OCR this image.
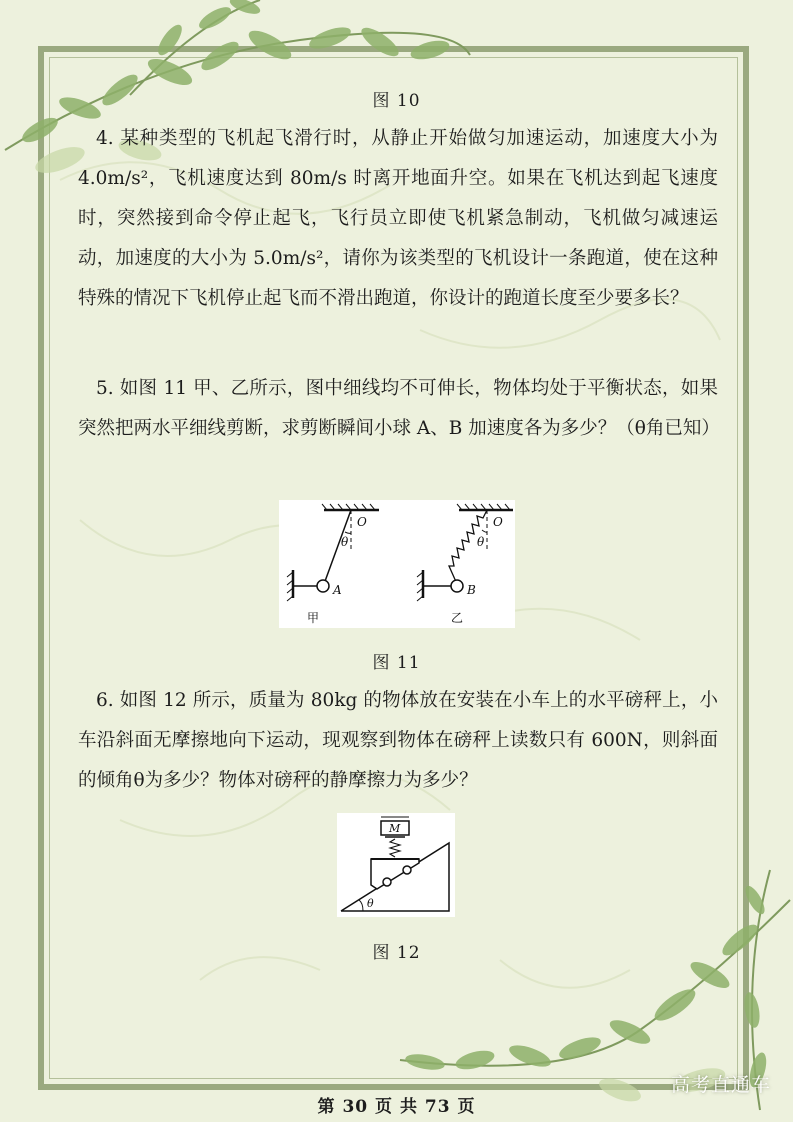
图 10

4. 某种类型的飞机起飞滑行时，从静止开始做匀加速运动，加速度大小为 4.0m/s²，飞机速度达到 80m/s 时离开地面升空。如果在飞机达到起飞速度时，突然接到命令停止起飞，飞行员立即使飞机紧急制动，飞机做匀减速运动，加速度的大小为 5.0m/s²，请你为该类型的飞机设计一条跑道，使在这种特殊的情况下飞机停止起飞而不滑出跑道，你设计的跑道长度至少要多长？

5. 如图 11 甲、乙所示，图中细线均不可伸长，物体均处于平衡状态，如果突然把两水平细线剪断，求剪断瞬间小球 A、B 加速度各为多少？（θ角已知）

O
θ
A
O
θ
B
甲	乙
图 11

6. 如图 12 所示，质量为 80kg 的物体放在安装在小车上的水平磅秤上，小车沿斜面无摩擦地向下运动，现观察到物体在磅秤上读数只有 600N，则斜面的倾角θ为多少？物体对磅秤的静摩擦力为多少？

M
θ
图 12
第 30 页 共 73 页
高考直通车
